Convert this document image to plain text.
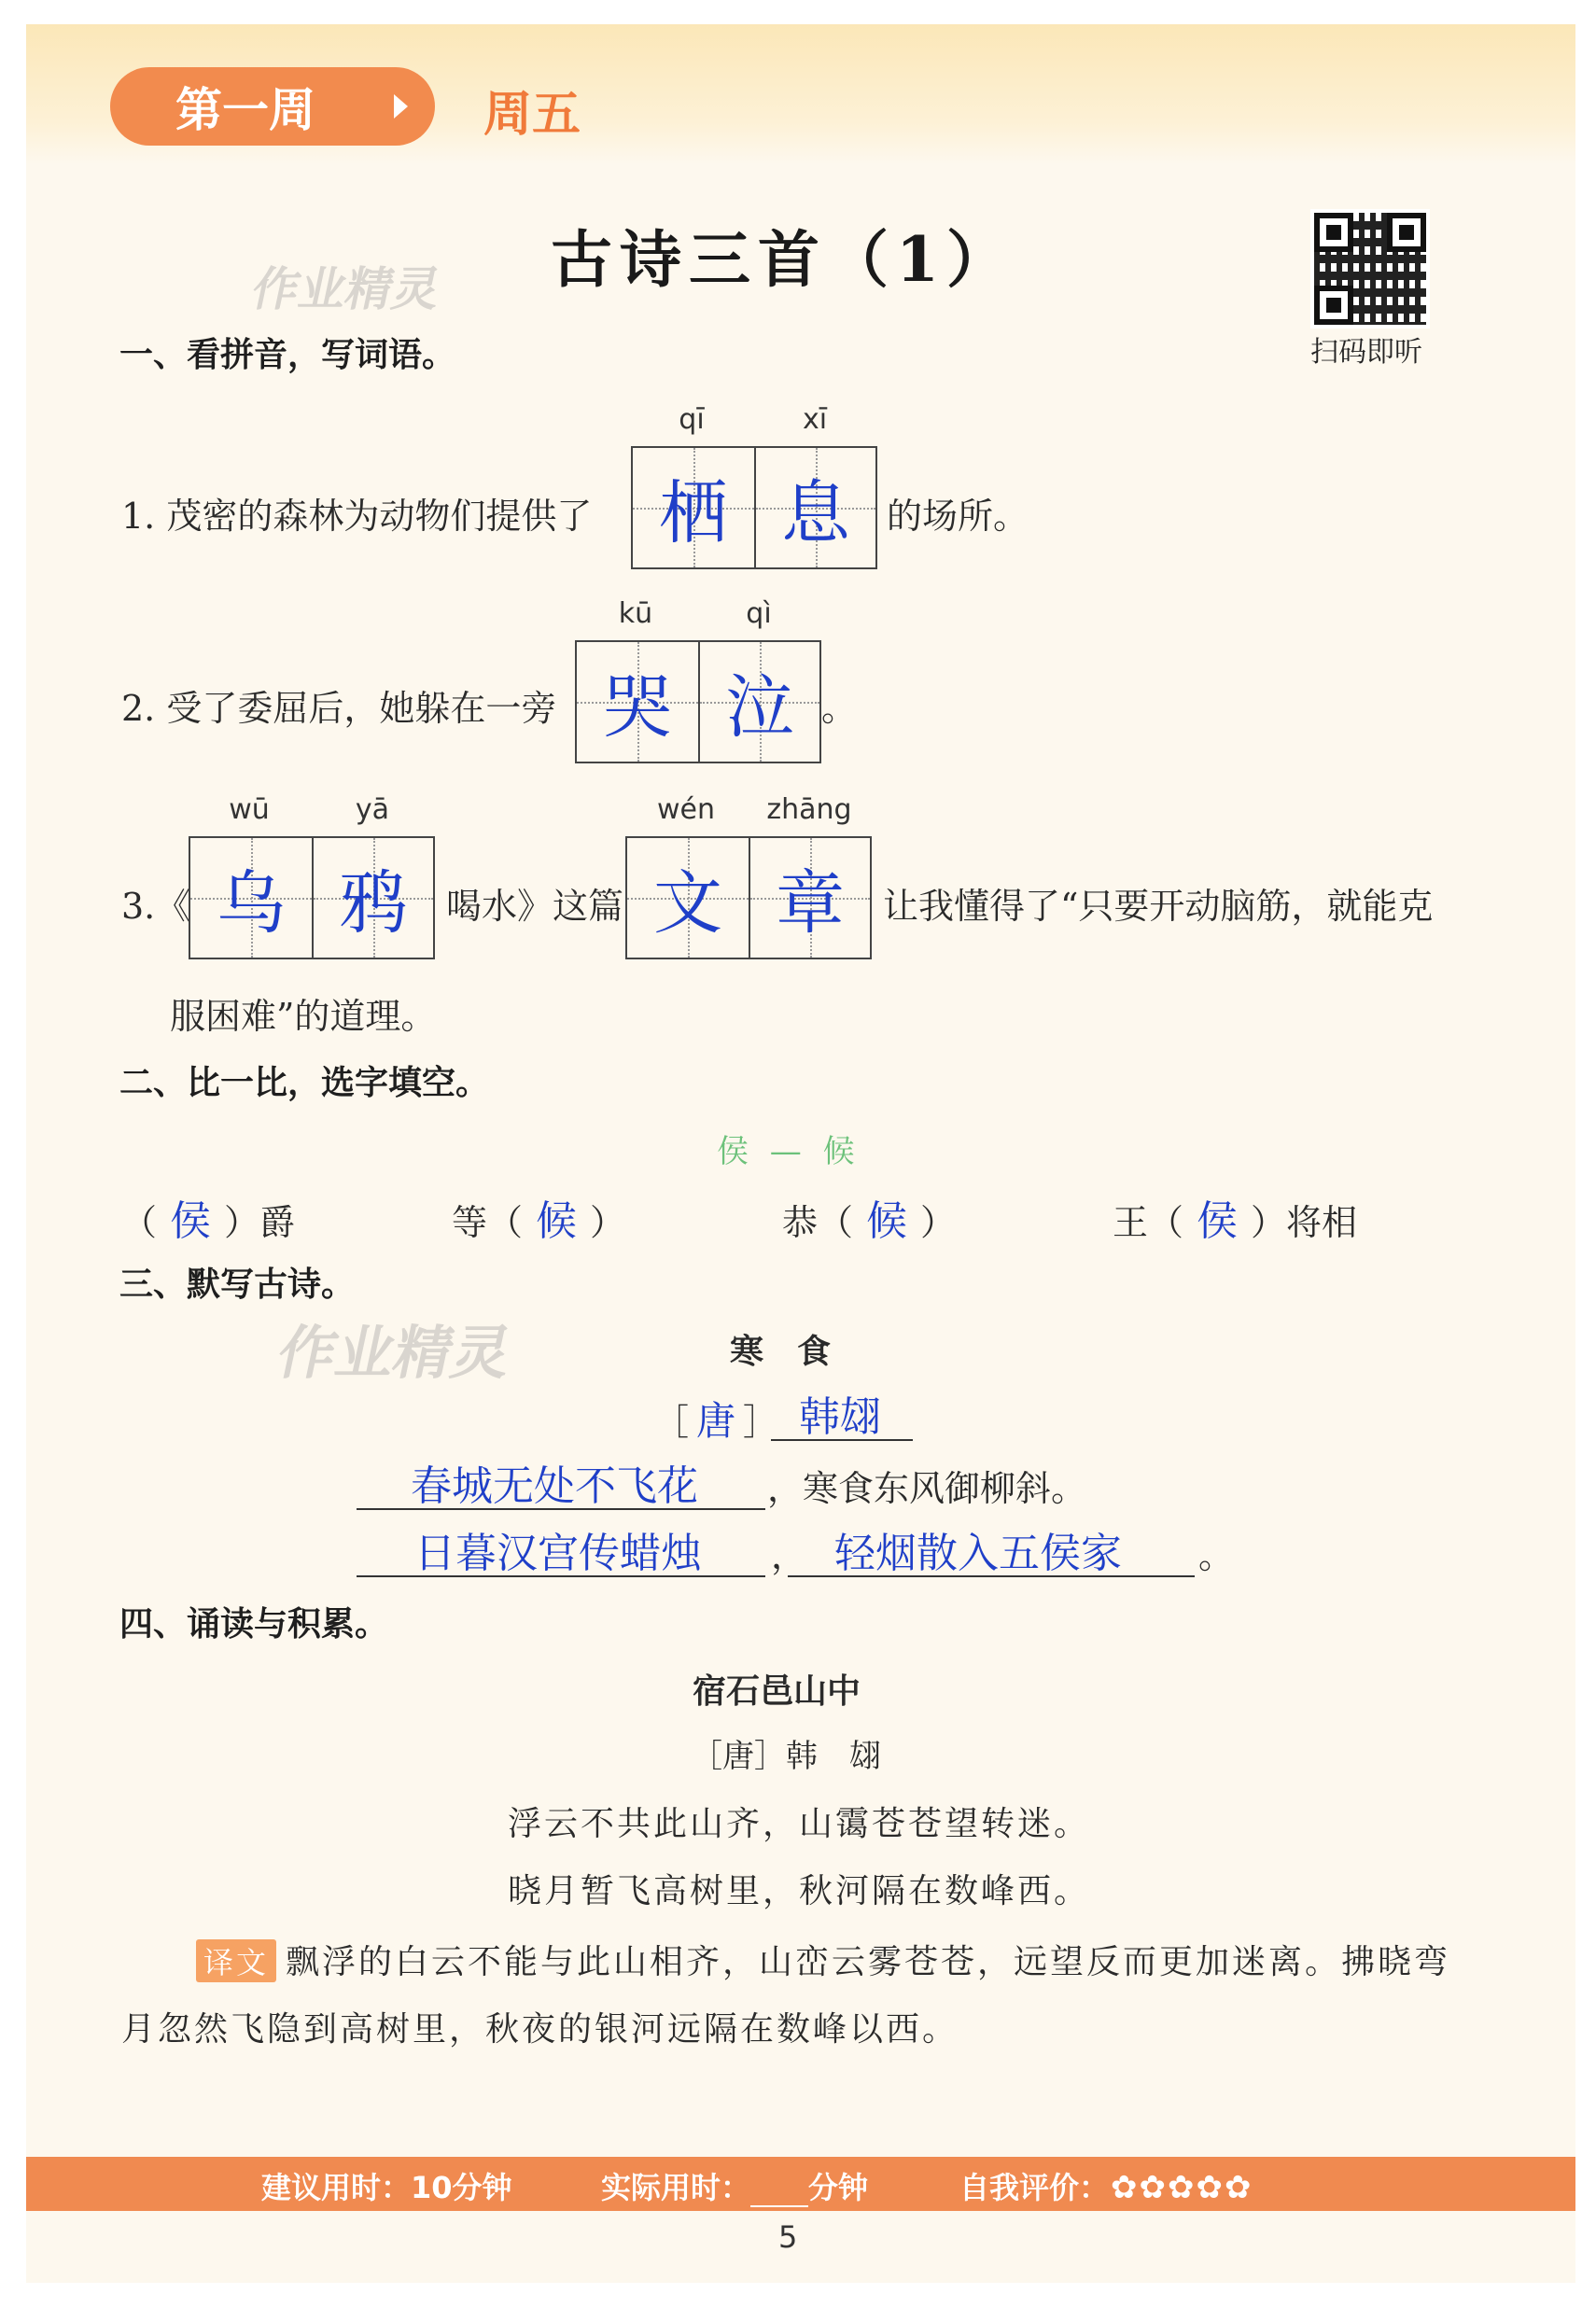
第一周	周五
古诗三首（1）
作业精灵
扫码即听
一、看拼音，写词语。
1. 茂密的森林为动物们提供了
qī	xī
栖 息 的场所。
2. 受了委屈后，她躲在一旁
kū	qì
哭 泣 。
3.《
wū	yā
乌 鸦 喝水》这篇
wén	zhāng
文 章 让我懂得了“只要开动脑筋，就能克
服困难”的道理。
二、比一比，选字填空。
侯 — 候
（ 侯 ）爵	等（ 候 ）	恭（ 候 ）	王（ 侯 ）将相
三、默写古诗。
作业精灵	寒　食
［ 唐 ］ 韩翃
春城无处不飞花 ，寒食东风御柳斜。
日暮汉宫传蜡烛 ， 轻烟散入五侯家 。
四、诵读与积累。
宿石邑山中
［唐］韩　翃
浮云不共此山齐，山霭苍苍望转迷。
晓月暂飞高树里，秋河隔在数峰西。
译文 飘浮的白云不能与此山相齐，山峦云雾苍苍，远望反而更加迷离。拂晓弯
月忽然飞隐到高树里，秋夜的银河远隔在数峰以西。
建议用时：10分钟	实际用时： 分钟	自我评价：✿✿✿✿✿
5
